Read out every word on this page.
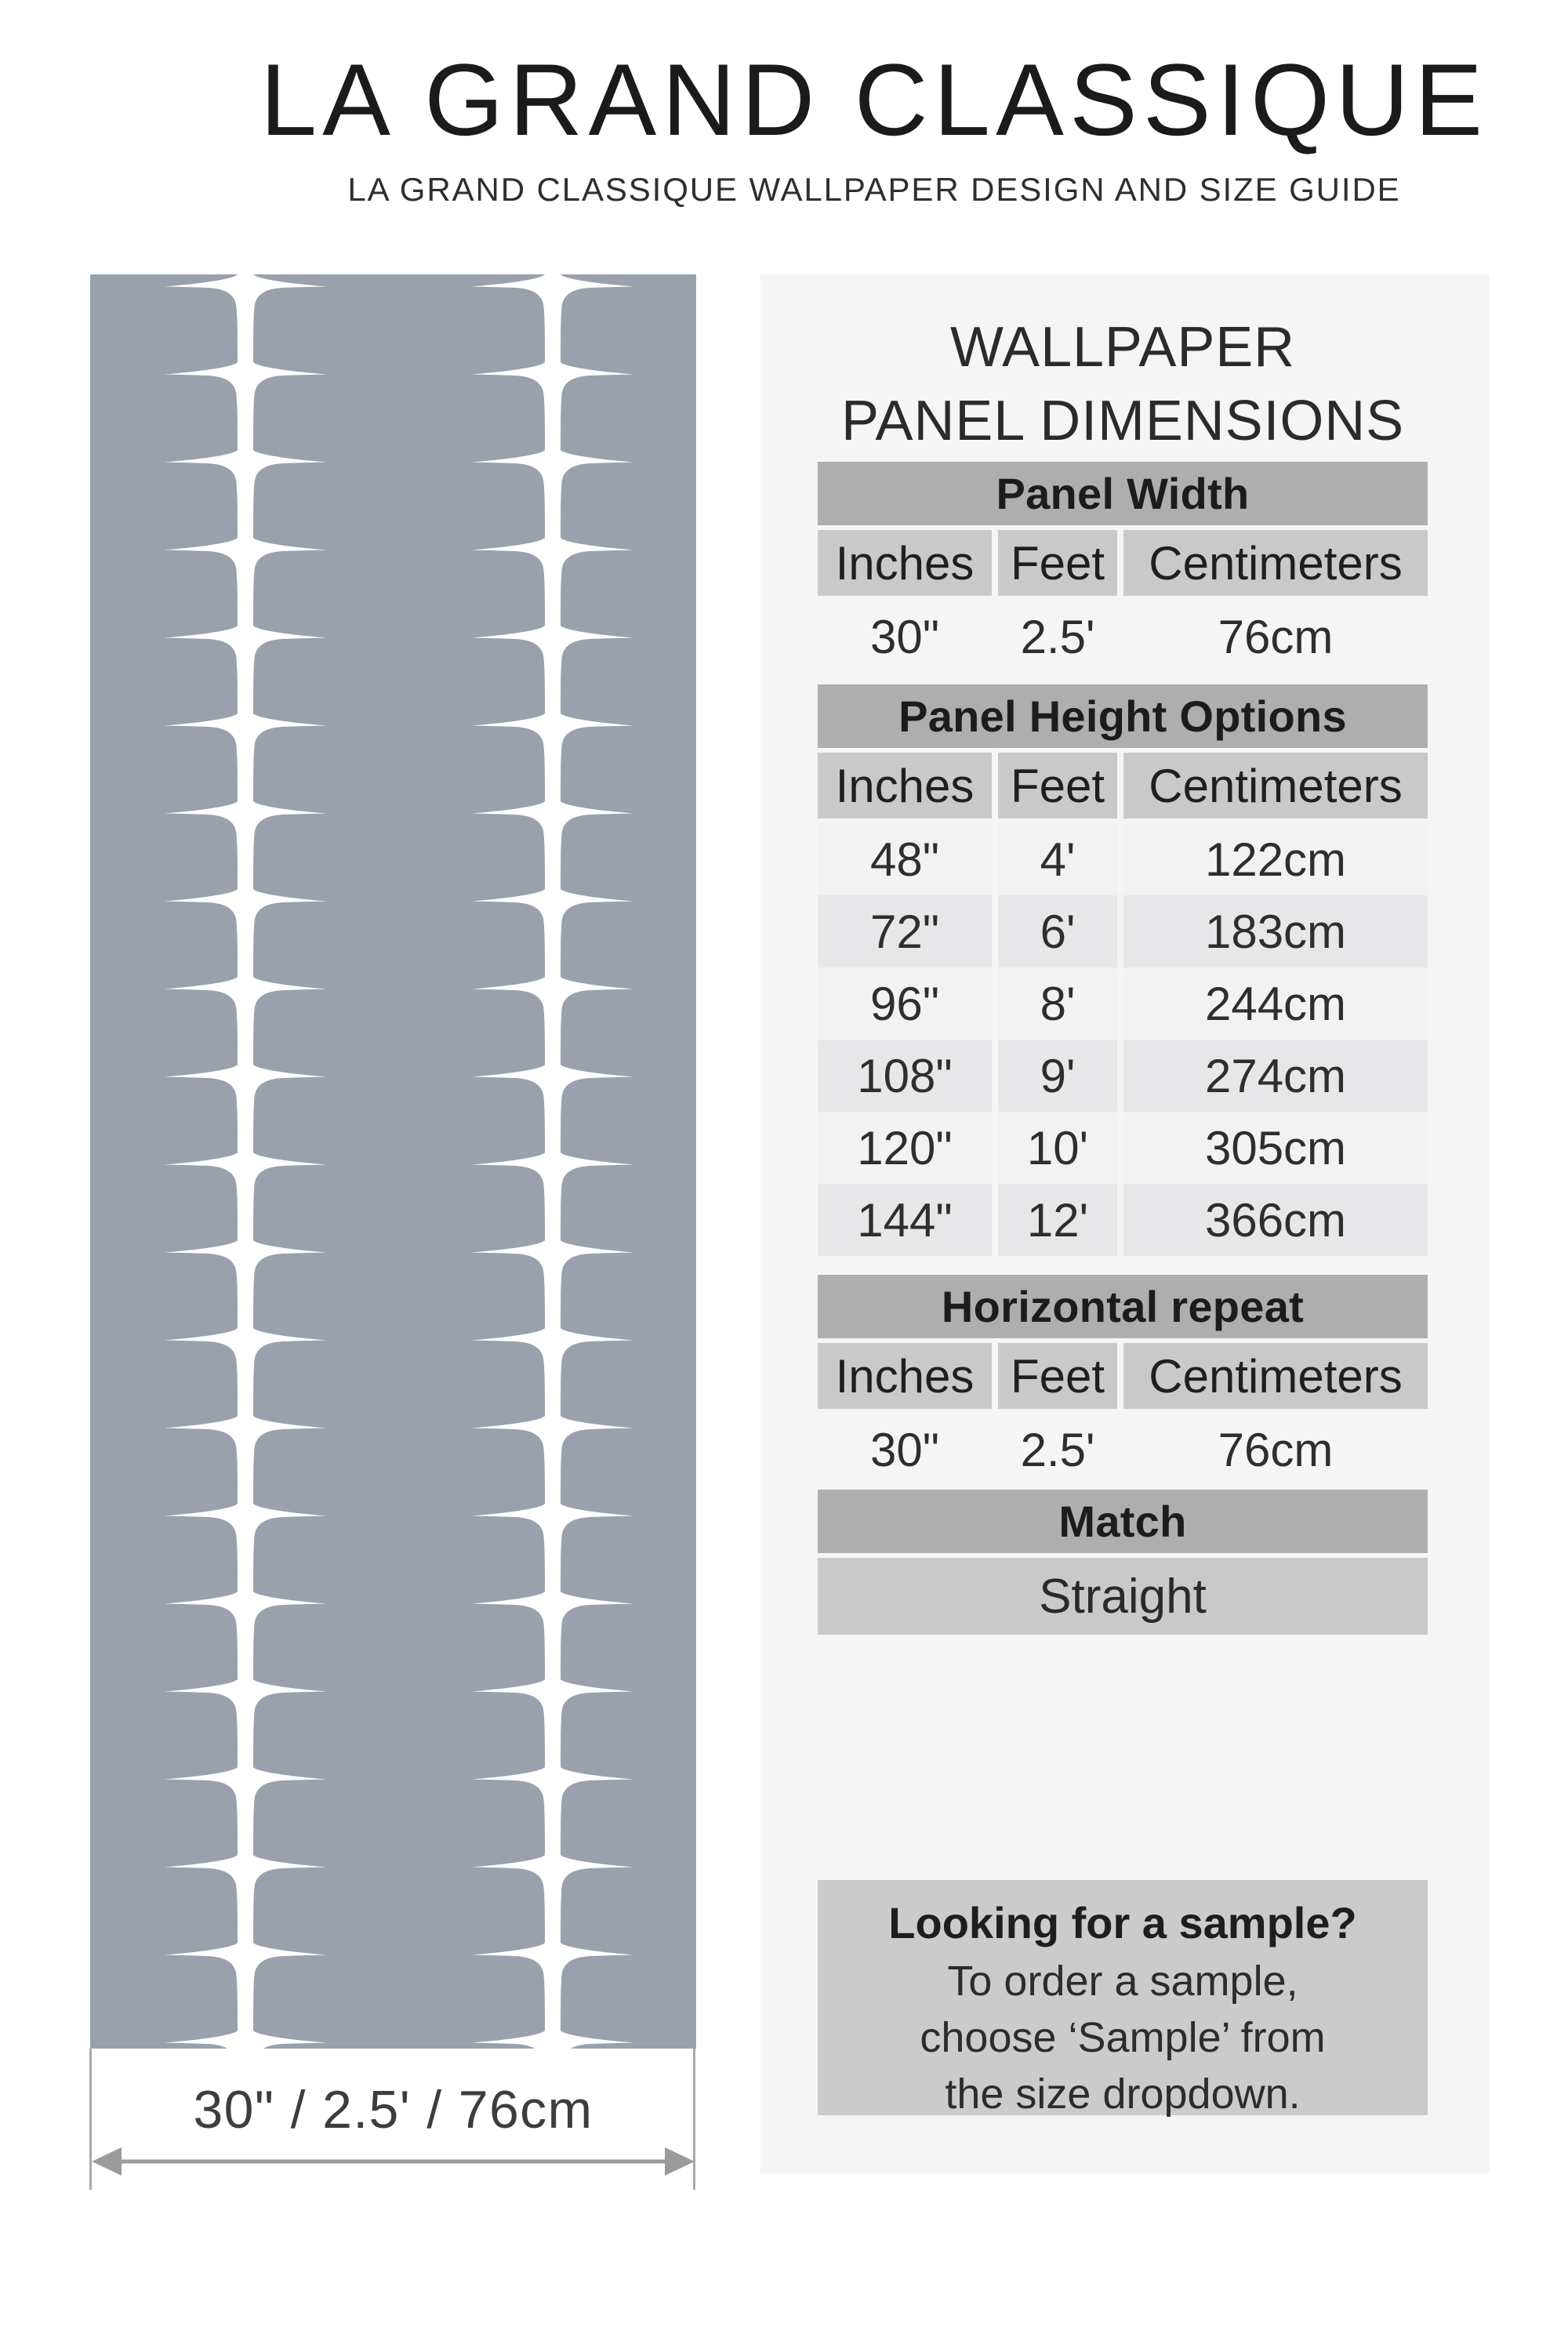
LA GRAND CLASSIQUE
LA GRAND CLASSIQUE WALLPAPER DESIGN AND SIZE GUIDE
30" / 2.5' / 76cm
WALLPAPER
PANEL DIMENSIONS
Panel Width
Inches Feet Centimeters
30"	2.5'	76cm
Panel Height Options
Inches Feet Centimeters
48"	4'	122cm
72"	6'	183cm
96"	8'	244cm
108"	9'	274cm
120"	10'	305cm
144"	12'	366cm
Horizontal repeat
Inches Feet Centimeters
30"	2.5'	76cm
Match
Straight
Looking for a sample?
To order a sample, choose ‘Sample’ from the size dropdown.
